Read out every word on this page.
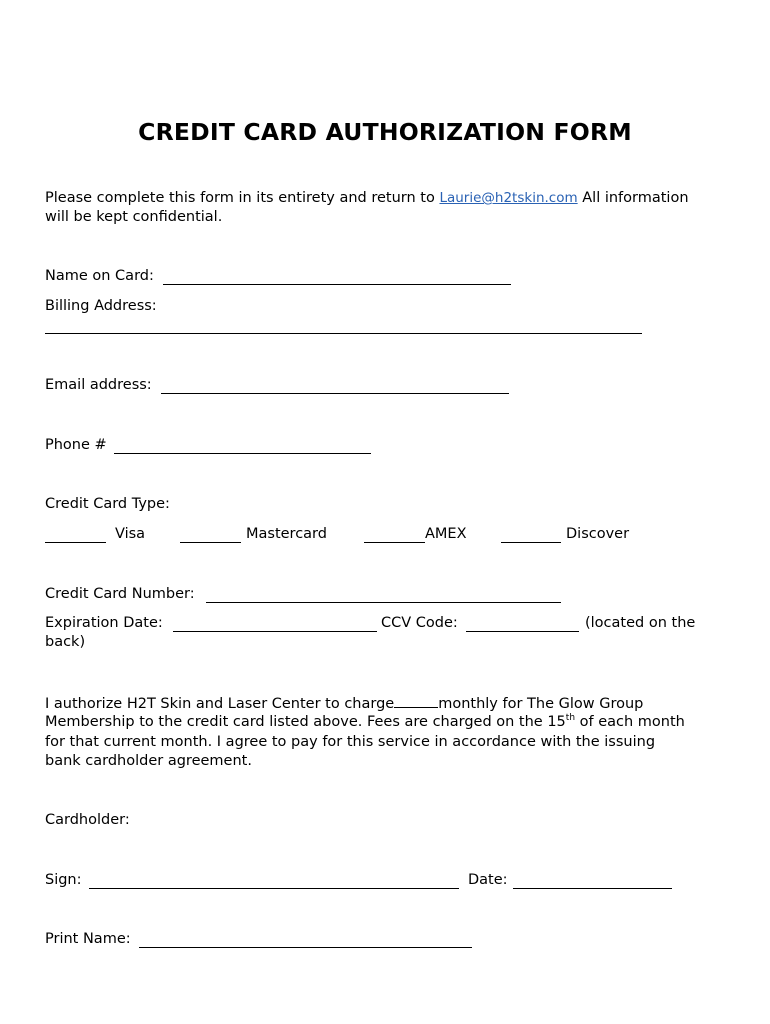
CREDIT CARD AUTHORIZATION FORM
Please complete this form in its entirety and return to Laurie@h2tskin.com All information
will be kept confidential.
Name on Card:
Billing Address:
Email address:
Phone #
Credit Card Type:
Visa	Mastercard	AMEX	Discover
Credit Card Number:
Expiration Date:	CCV Code:	(located on the
back)
I authorize H2T Skin and Laser Center to charge	monthly for The Glow Group
Membership to the credit card listed above. Fees are charged on the 15th of each month
for that current month. I agree to pay for this service in accordance with the issuing
bank cardholder agreement.
Cardholder:
Sign:	Date:
Print Name:
